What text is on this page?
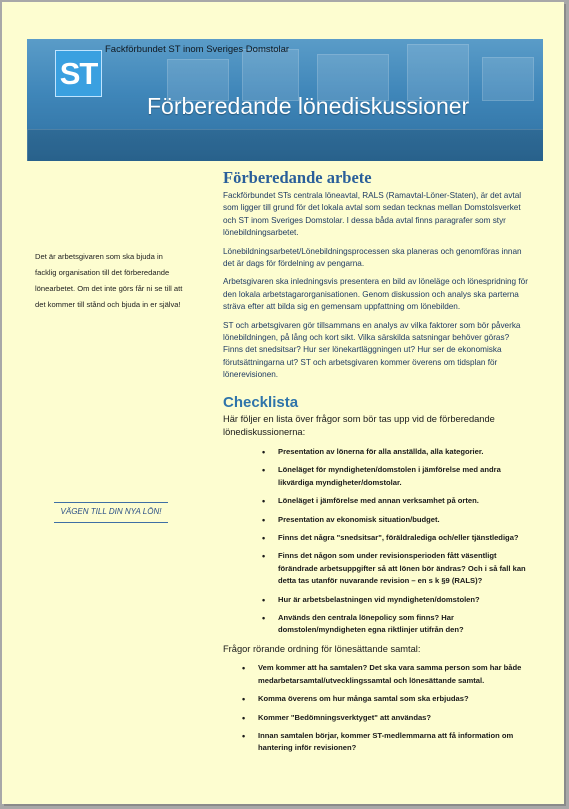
ST
Fackförbundet ST inom Sveriges Domstolar
Förberedande lönediskussioner
Det är arbetsgivaren som ska bjuda in facklig organisation till det förberedande lönearbetet. Om det inte görs får ni se till att det kommer till stånd och bjuda in er själva!
VÄGEN TILL DIN NYA LÖN!
Förberedande arbete

Fackförbundet STs centrala löneavtal, RALS (Ramavtal-Löner-Staten), är det avtal som ligger till grund för det lokala avtal som sedan tecknas mellan Domstolsverket och ST inom Sveriges Domstolar. I dessa båda avtal finns paragrafer som styr lönebildningsarbetet.

Lönebildningsarbetet/Lönebildningsprocessen ska planeras och genomföras innan det är dags för fördelning av pengarna.

Arbetsgivaren ska inledningsvis presentera en bild av löneläge och lönespridning för den lokala arbetstagarorganisationen. Genom diskussion och analys ska parterna sträva efter att bilda sig en gemensam uppfattning om lönebilden.

ST och arbetsgivaren gör tillsammans en analys av vilka faktorer som bör påverka lönebildningen, på lång och kort sikt. Vilka särskilda satsningar behöver göras? Finns det snedsitsar? Hur ser lönekartläggningen ut? Hur ser de ekonomiska förutsättningarna ut? ST och arbetsgivaren kommer överens om tidsplan för lönerevisionen.

Checklista

Här följer en lista över frågor som bör tas upp vid de förberedande lönediskussionerna:

• Presentation av lönerna för alla anställda, alla kategorier.
• Löneläget för myndigheten/domstolen i jämförelse med andra likvärdiga myndigheter/domstolar.
• Löneläget i jämförelse med annan verksamhet på orten.
• Presentation av ekonomisk situation/budget.
• Finns det några "snedsitsar", föräldralediga och/eller tjänstlediga?
• Finns det någon som under revisionsperioden fått väsentligt förändrade arbetsuppgifter så att lönen bör ändras? Och i så fall kan detta tas utanför nuvarande revision – en s k §9 (RALS)?
• Hur är arbetsbelastningen vid myndigheten/domstolen?
• Används den centrala lönepolicy som finns? Har domstolen/myndigheten egna riktlinjer utifrån den?

Frågor rörande ordning för lönesättande samtal:

• Vem kommer att ha samtalen? Det ska vara samma person som har både medarbetarsamtal/utvecklingssamtal och lönesättande samtal.
• Komma överens om hur många samtal som ska erbjudas?
• Kommer "Bedömningsverktyget" att användas?
• Innan samtalen börjar, kommer ST-medlemmarna att få information om hantering inför revisionen?
